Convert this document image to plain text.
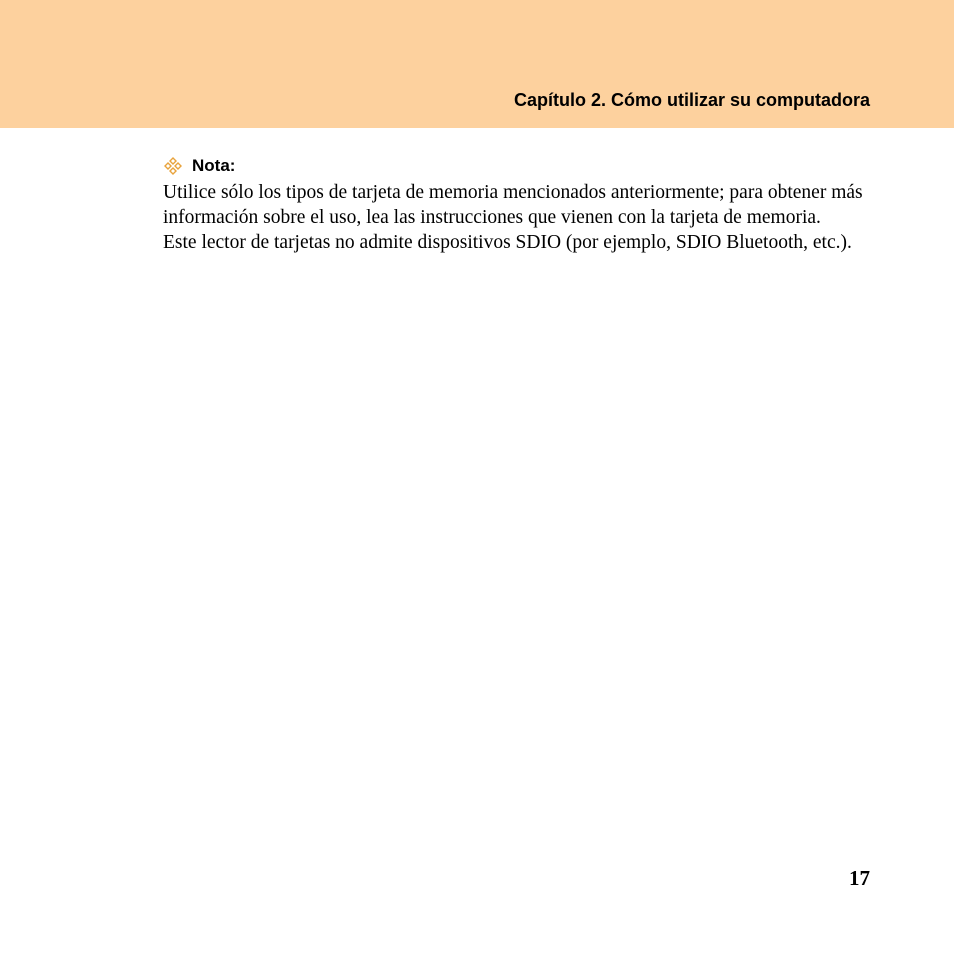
Capítulo 2. Cómo utilizar su computadora
Nota:

Utilice sólo los tipos de tarjeta de memoria mencionados anteriormente; para obtener más información sobre el uso, lea las instrucciones que vienen con la tarjeta de memoria.

Este lector de tarjetas no admite dispositivos SDIO (por ejemplo, SDIO Bluetooth, etc.).

17
